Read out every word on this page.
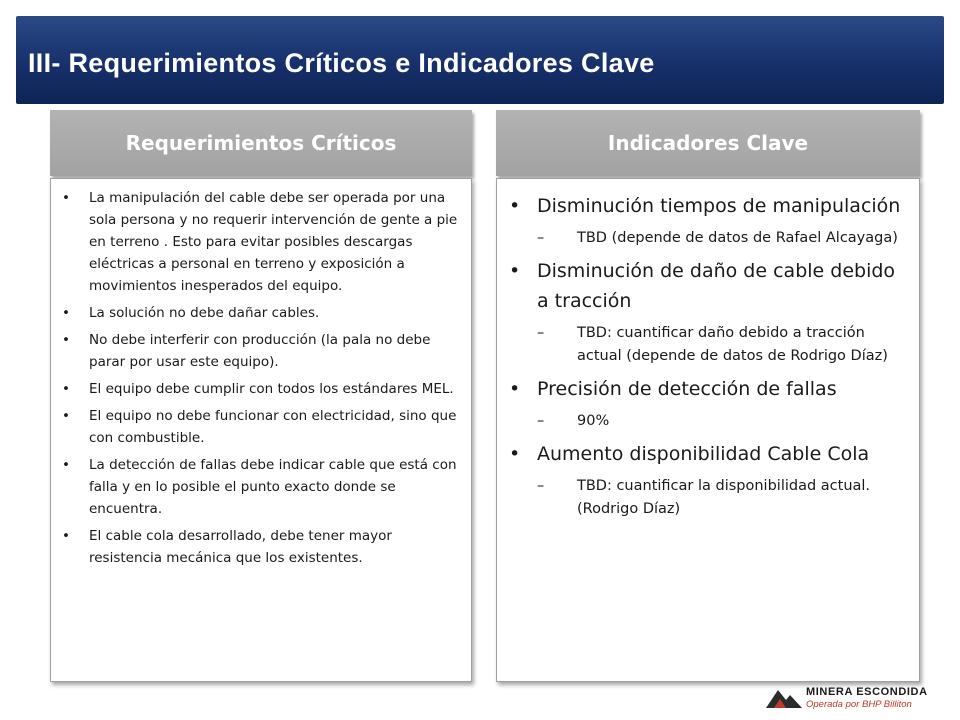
III- Requerimientos Críticos e Indicadores Clave
Requerimientos Críticos	Indicadores Clave
• La manipulación del cable debe ser operada por una sola persona y no requerir intervención de gente a pie en terreno . Esto para evitar posibles descargas eléctricas a personal en terreno y exposición a movimientos inesperados del equipo.
• La solución no debe dañar cables.
• No debe interferir con producción (la pala no debe parar por usar este equipo).
• El equipo debe cumplir con todos los estándares MEL.
• El equipo no debe funcionar con electricidad, sino que con combustible.
• La detección de fallas debe indicar cable que está con falla y en lo posible el punto exacto donde se encuentra.
• El cable cola desarrollado, debe tener mayor resistencia mecánica que los existentes.
• Disminución tiempos de manipulación
– TBD (depende de datos de Rafael Alcayaga)
• Disminución de daño de cable debido a tracción
– TBD: cuantificar daño debido a tracción actual (depende de datos de Rodrigo Díaz)
• Precisión de detección de fallas
– 90%
• Aumento disponibilidad Cable Cola
– TBD: cuantificar la disponibilidad actual. (Rodrigo Díaz)
MINERA ESCONDIDA
Operada por BHP Billiton
